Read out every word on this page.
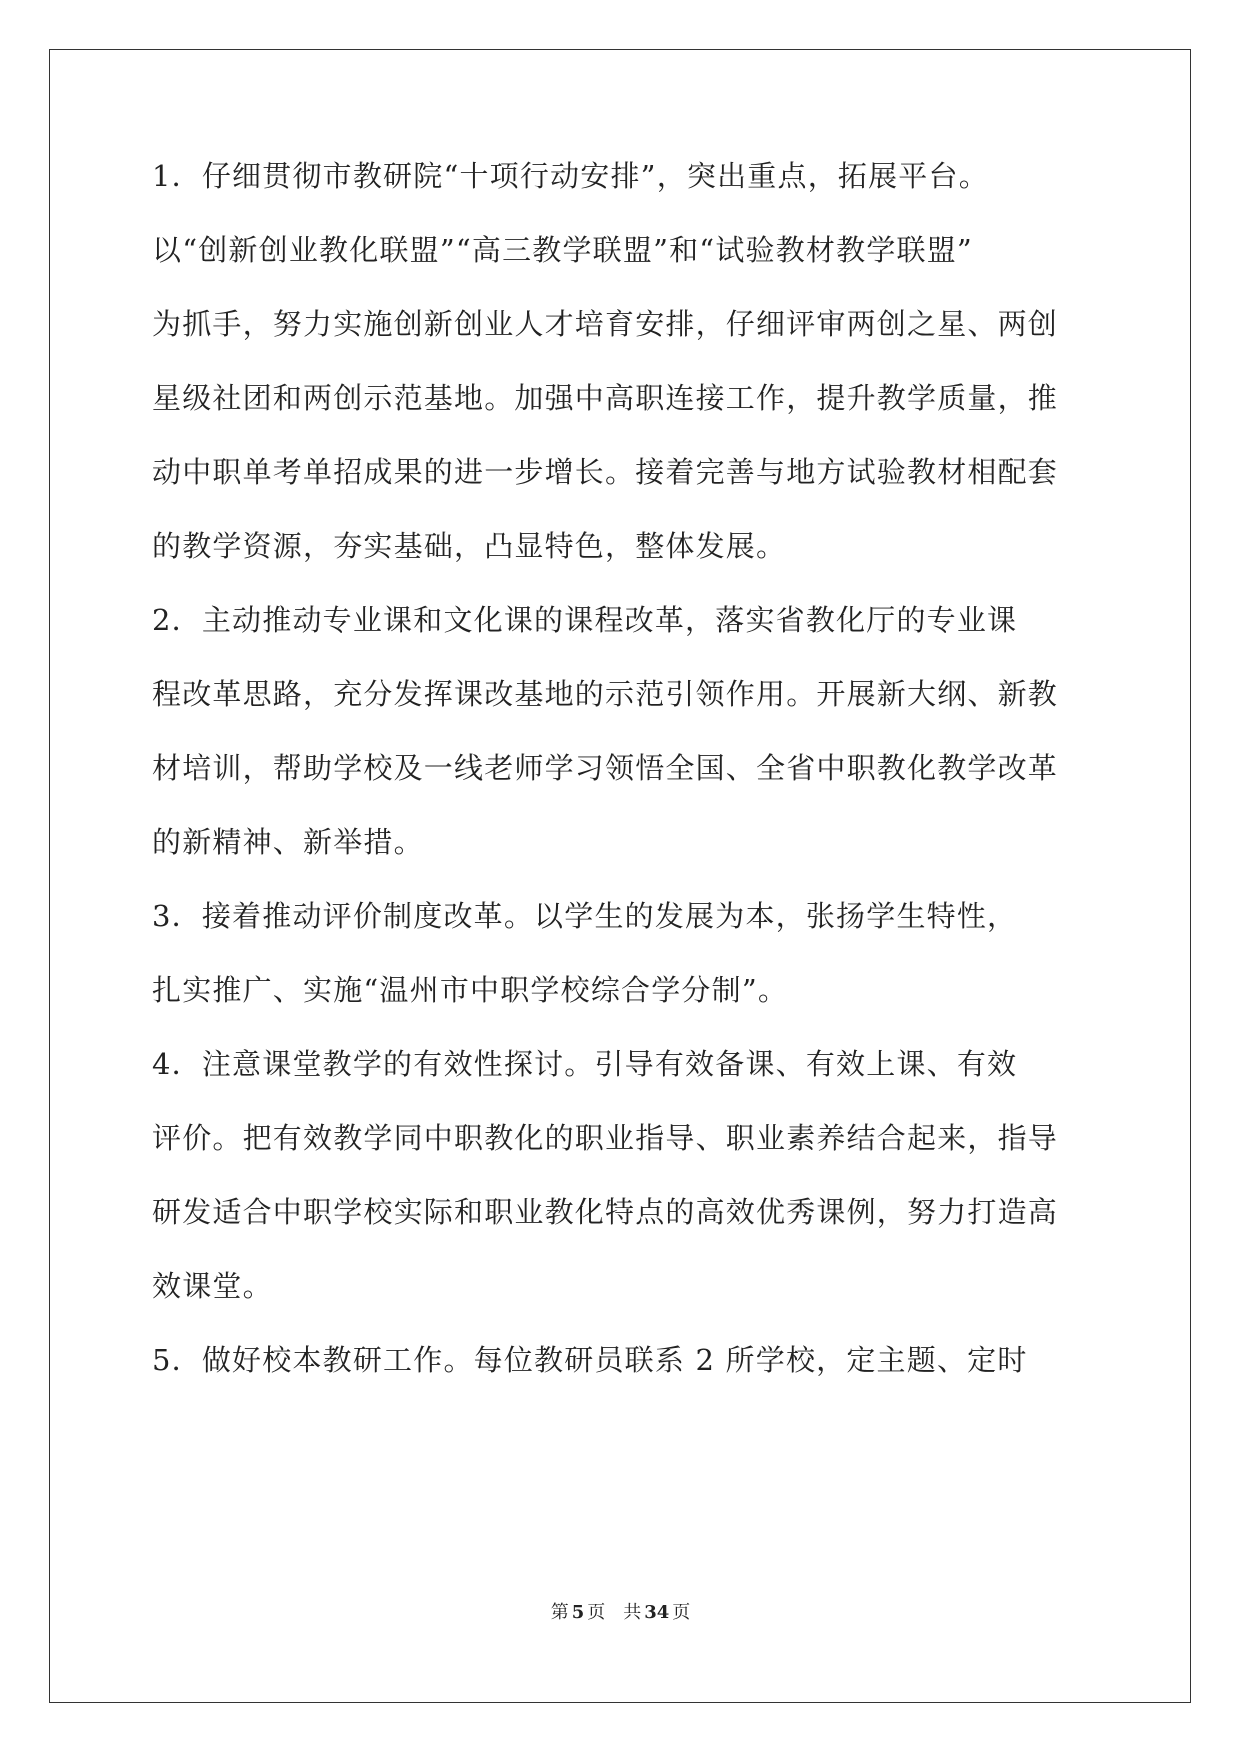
1．仔细贯彻市教研院“十项行动安排”，突出重点，拓展平台。
以“创新创业教化联盟”“高三教学联盟”和“试验教材教学联盟”
为抓手，努力实施创新创业人才培育安排，仔细评审两创之星、两创
星级社团和两创示范基地。加强中高职连接工作，提升教学质量，推
动中职单考单招成果的进一步增长。接着完善与地方试验教材相配套
的教学资源，夯实基础，凸显特色，整体发展。
2．主动推动专业课和文化课的课程改革，落实省教化厅的专业课
程改革思路，充分发挥课改基地的示范引领作用。开展新大纲、新教
材培训，帮助学校及一线老师学习领悟全国、全省中职教化教学改革
的新精神、新举措。
3．接着推动评价制度改革。以学生的发展为本，张扬学生特性，
扎实推广、实施“温州市中职学校综合学分制”。
4．注意课堂教学的有效性探讨。引导有效备课、有效上课、有效
评价。把有效教学同中职教化的职业指导、职业素养结合起来，指导
研发适合中职学校实际和职业教化特点的高效优秀课例，努力打造高
效课堂。
5．做好校本教研工作。每位教研员联系 2 所学校，定主题、定时
第 5 页 共 34 页
